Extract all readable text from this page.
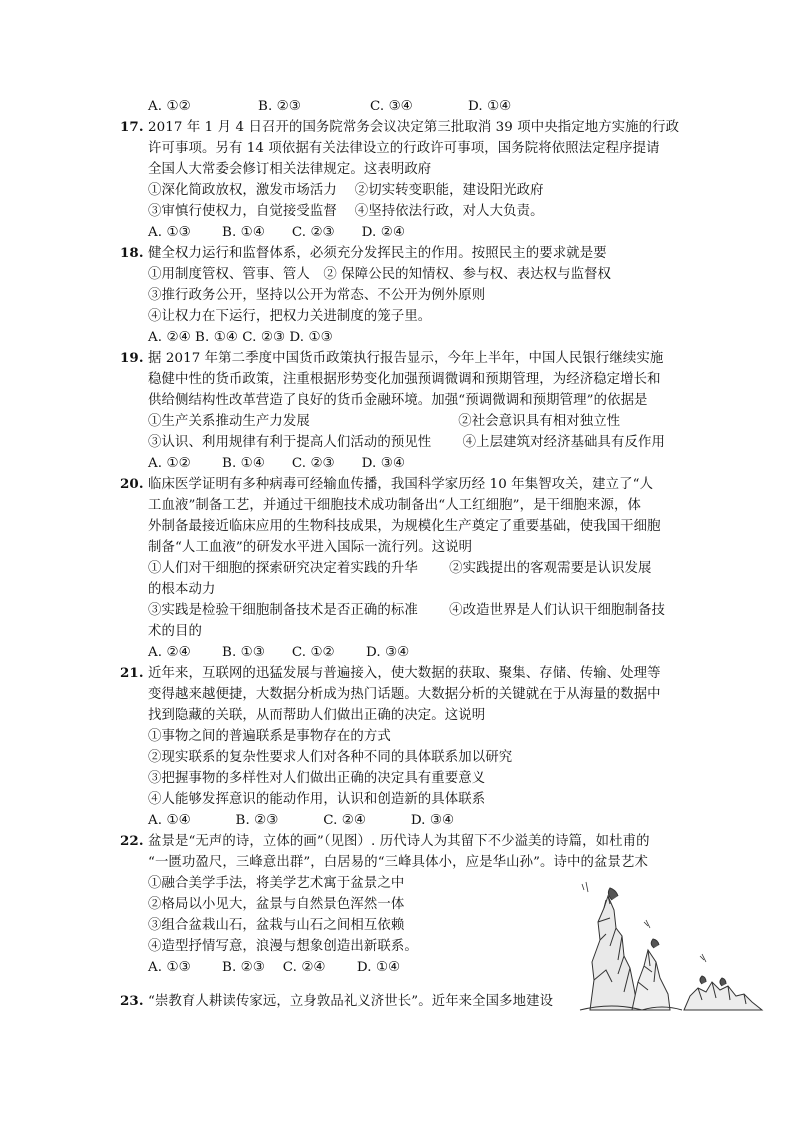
A. ①②	B. ②③	C. ③④	D. ①④
17. 2017 年 1 月 4 日召开的国务院常务会议决定第三批取消 39 项中央指定地方实施的行政
许可事项。另有 14 项依据有关法律设立的行政许可事项，国务院将依照法定程序提请
全国人大常委会修订相关法律规定。这表明政府
①深化简政放权，激发市场活力　 ②切实转变职能，建设阳光政府
③审慎行使权力，自觉接受监督　 ④坚持依法行政，对人大负责。
A. ①③　　 B. ①④　　C. ②③　　D. ②④
18. 健全权力运行和监督体系，必须充分发挥民主的作用。按照民主的要求就是要
①用制度管权、管事、管人　② 保障公民的知情权、参与权、表达权与监督权
③推行政务公开，坚持以公开为常态、不公开为例外原则
④让权力在下运行，把权力关进制度的笼子里。
A. ②④ B. ①④ C. ②③ D. ①③
19. 据 2017 年第二季度中国货币政策执行报告显示，今年上半年，中国人民银行继续实施
稳健中性的货币政策，注重根据形势变化加强预调微调和预期管理，为经济稳定增长和
供给侧结构性改革营造了良好的货币金融环境。加强“预调微调和预期管理”的依据是
①生产关系推动生产力发展　　　　　　　　　　　②社会意识具有相对独立性
③认识、利用规律有利于提高人们活动的预见性　　 ④上层建筑对经济基础具有反作用
A. ①②　　 B. ①④　　C. ②③　　D. ③④
20. 临床医学证明有多种病毒可经输血传播，我国科学家历经 10 年集智攻关，建立了“人
工血液”制备工艺，并通过干细胞技术成功制备出“人工红细胞”，是干细胞来源，体
外制备最接近临床应用的生物科技成果，为规模化生产奠定了重要基础，使我国干细胞
制备“人工血液”的研发水平进入国际一流行列。这说明
①人们对干细胞的探索研究决定着实践的升华　　 ②实践提出的客观需要是认识发展
的根本动力
③实践是检验干细胞制备技术是否正确的标准　　 ④改造世界是人们认识干细胞制备技
术的目的
A. ②④　　 B. ①③　　C. ①②　　 D. ③④
21. 近年来，互联网的迅猛发展与普遍接入，使大数据的获取、聚集、存储、传输、处理等
变得越来越便捷，大数据分析成为热门话题。大数据分析的关键就在于从海量的数据中
找到隐藏的关联，从而帮助人们做出正确的决定。这说明
①事物之间的普遍联系是事物存在的方式
②现实联系的复杂性要求人们对各种不同的具体联系加以研究
③把握事物的多样性对人们做出正确的决定具有重要意义
④人能够发挥意识的能动作用，认识和创造新的具体联系
A. ①④　　　 B. ②③　　　 C. ②④　　　 D. ③④
22. 盆景是“无声的诗，立体的画”（见图）. 历代诗人为其留下不少溢美的诗篇，如杜甫的
“一匮功盈尺，三峰意出群”，白居易的“三峰具体小，应是华山孙”。诗中的盆景艺术
①融合美学手法，将美学艺术寓于盆景之中
②格局以小见大，盆景与自然景色浑然一体
③组合盆栽山石，盆栽与山石之间相互依赖
④造型抒情写意，浪漫与想象创造出新联系。
A. ①③　　 B. ②③　 C. ②④　　 D. ①④
23. “崇教育人耕读传家远，立身敦品礼义济世长”。近年来全国多地建设
